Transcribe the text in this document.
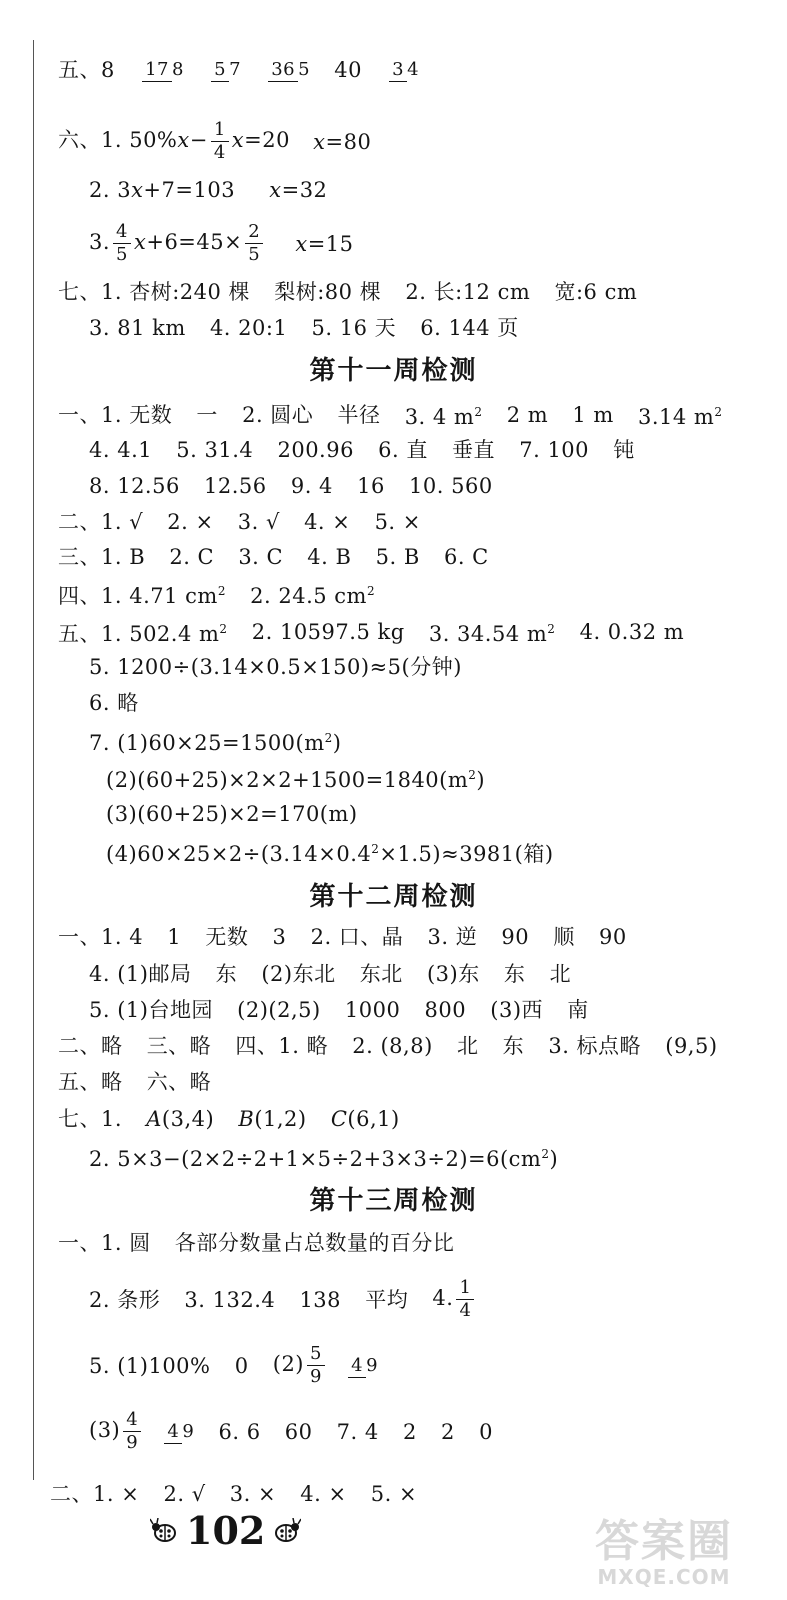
五、8 17 8 5 7 36 5 40 3 4
六、1. $50\%x- \frac{1}{4} x=20$ x=80
2. 3x+7=103 x=32
3. $\frac{4}{5} x+6=45\times \frac{2}{5} x=15$
七、1. 杏树:240 棵 梨树:80 棵 2. 长:12 cm 宽:6 cm
3. 81 km 4. 20:1 5. 16 天 6. 144 页
第十一周检测
一、1. 无数 一 2. 圆心 半径 3. 4 $m^2$ 2 m 1 m 3.14 $m^2$
4. 4.1 5. 31.4 200.96 6. 直 垂直 7. 100 钝
8. 12.56 12.56 9. 4 16 10. 560
二、1. √ 2. × 3. √ 4. × 5. ×
三、1. B 2. C 3. C 4. B 5. B 6. C
四、1. 4.71 $cm^2$ 2. 24.5 $cm^2$
五、1. 502.4 $m^2$ 2. 10597.5 kg 3. 34.54 $m^2$ 4. 0.32 m
5. 1200÷(3.14×0.5×150)≈5(分钟)
6. 略
7. $(1)60\times 25=1500(m^2)$
$(2)(60+25)\times 2\times 2+1500=1840(m^2)$
(3)(60+25)×2=170(m)
$(4)60\times 25\times 2\div(3.14\times 0.4^2\times 1.5)\approx 3981$(箱)
第十二周检测
一、1. 4 1 无数 3 2. 口、晶 3. 逆 90 顺 90
4. (1)邮局 东 (2)东北 东北 (3)东 东 北
5. (1)台地园 (2)(2,5) 1000 800 (3)西 南
二、略 三、略 四、1. 略 2. (8,8) 北 东 3. 标点略 (9,5)
五、略 六、略
七、1. A(3,4) B(1,2) C(6,1)
2. $5\times 3-(2\times 2\div 2+1\times 5\div 2+3\times 3\div 2)=6(cm^2)$
第十三周检测
一、1. 圆 各部分数量占总数量的百分比
2. 条形 3. 132.4 138 平均 4. $\frac{1}{4}$
5. (1)100% 0 $(2) \frac{5}{9} 4$ 9
$(3) \frac{4}{9} 4$ 9 6. 6 60 7. 4 2 2 0
二、1. × 2. √ 3. × 4. × 5. ×
102	答案圈
MXQE.COM
